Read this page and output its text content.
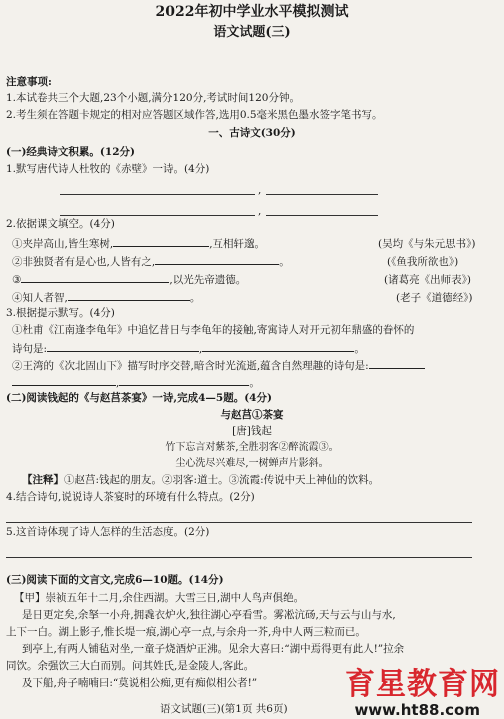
2022年初中学业水平模拟测试
语文试题(三)
注意事项:
1.本试卷共三个大题,23个小题,满分120分,考试时间120分钟。
2.考生须在答题卡规定的相对应答题区域作答,选用0.5毫米黑色墨水签字笔书写。
一、古诗文(30分)
(一)经典诗文积累。(12分)
1.默写唐代诗人杜牧的《赤壁》一诗。(4分)
,
,
2.依据课文填空。(4分)
①夹岸高山,皆生寒树,	,互相轩邈。	(吴均《与朱元思书》)
②非独贤者有是心也,人皆有之,	。	(《鱼我所欲也》)
③	,以光先帝遗德。	(诸葛亮《出师表》)
④知人者智,	。	(老子《道德经》)
3.根据提示默写。(4分)
①杜甫《江南逢李龟年》中追忆昔日与李龟年的接触,寄寓诗人对开元初年鼎盛的眷怀的
诗句是:	,	。
②王湾的《次北固山下》描写时序交替,暗含时光流逝,蕴含自然理趣的诗句是:
,	。
(二)阅读钱起的《与赵莒茶宴》一诗,完成4—5题。(4分)
与赵莒①茶宴
[唐]钱起
竹下忘言对紫茶,全胜羽客②醉流霞③。
尘心洗尽兴难尽,一树蝉声片影斜。
【注释】①赵莒:钱起的朋友。②羽客:道士。③流霞:传说中天上神仙的饮料。
4.结合诗句,说说诗人茶宴时的环境有什么特点。(2分)
5.这首诗体现了诗人怎样的生活态度。(2分)
(三)阅读下面的文言文,完成6—10题。(14分)
【甲】崇祯五年十二月,余住西湖。大雪三日,湖中人鸟声俱绝。
是日更定矣,余拏一小舟,拥毳衣炉火,独往湖心亭看雪。雾凇沆砀,天与云与山与水,
上下一白。湖上影子,惟长堤一痕,湖心亭一点,与余舟一芥,舟中人两三粒而已。
到亭上,有两人铺毡对坐,一童子烧酒炉正沸。见余大喜曰:“湖中焉得更有此人!”拉余
同饮。余强饮三大白而别。问其姓氏,是金陵人,客此。
及下船,舟子喃喃曰:“莫说相公痴,更有痴似相公者!”
语文试题(三)(第1页 共6页)
育星教育网
www.ht88.com
